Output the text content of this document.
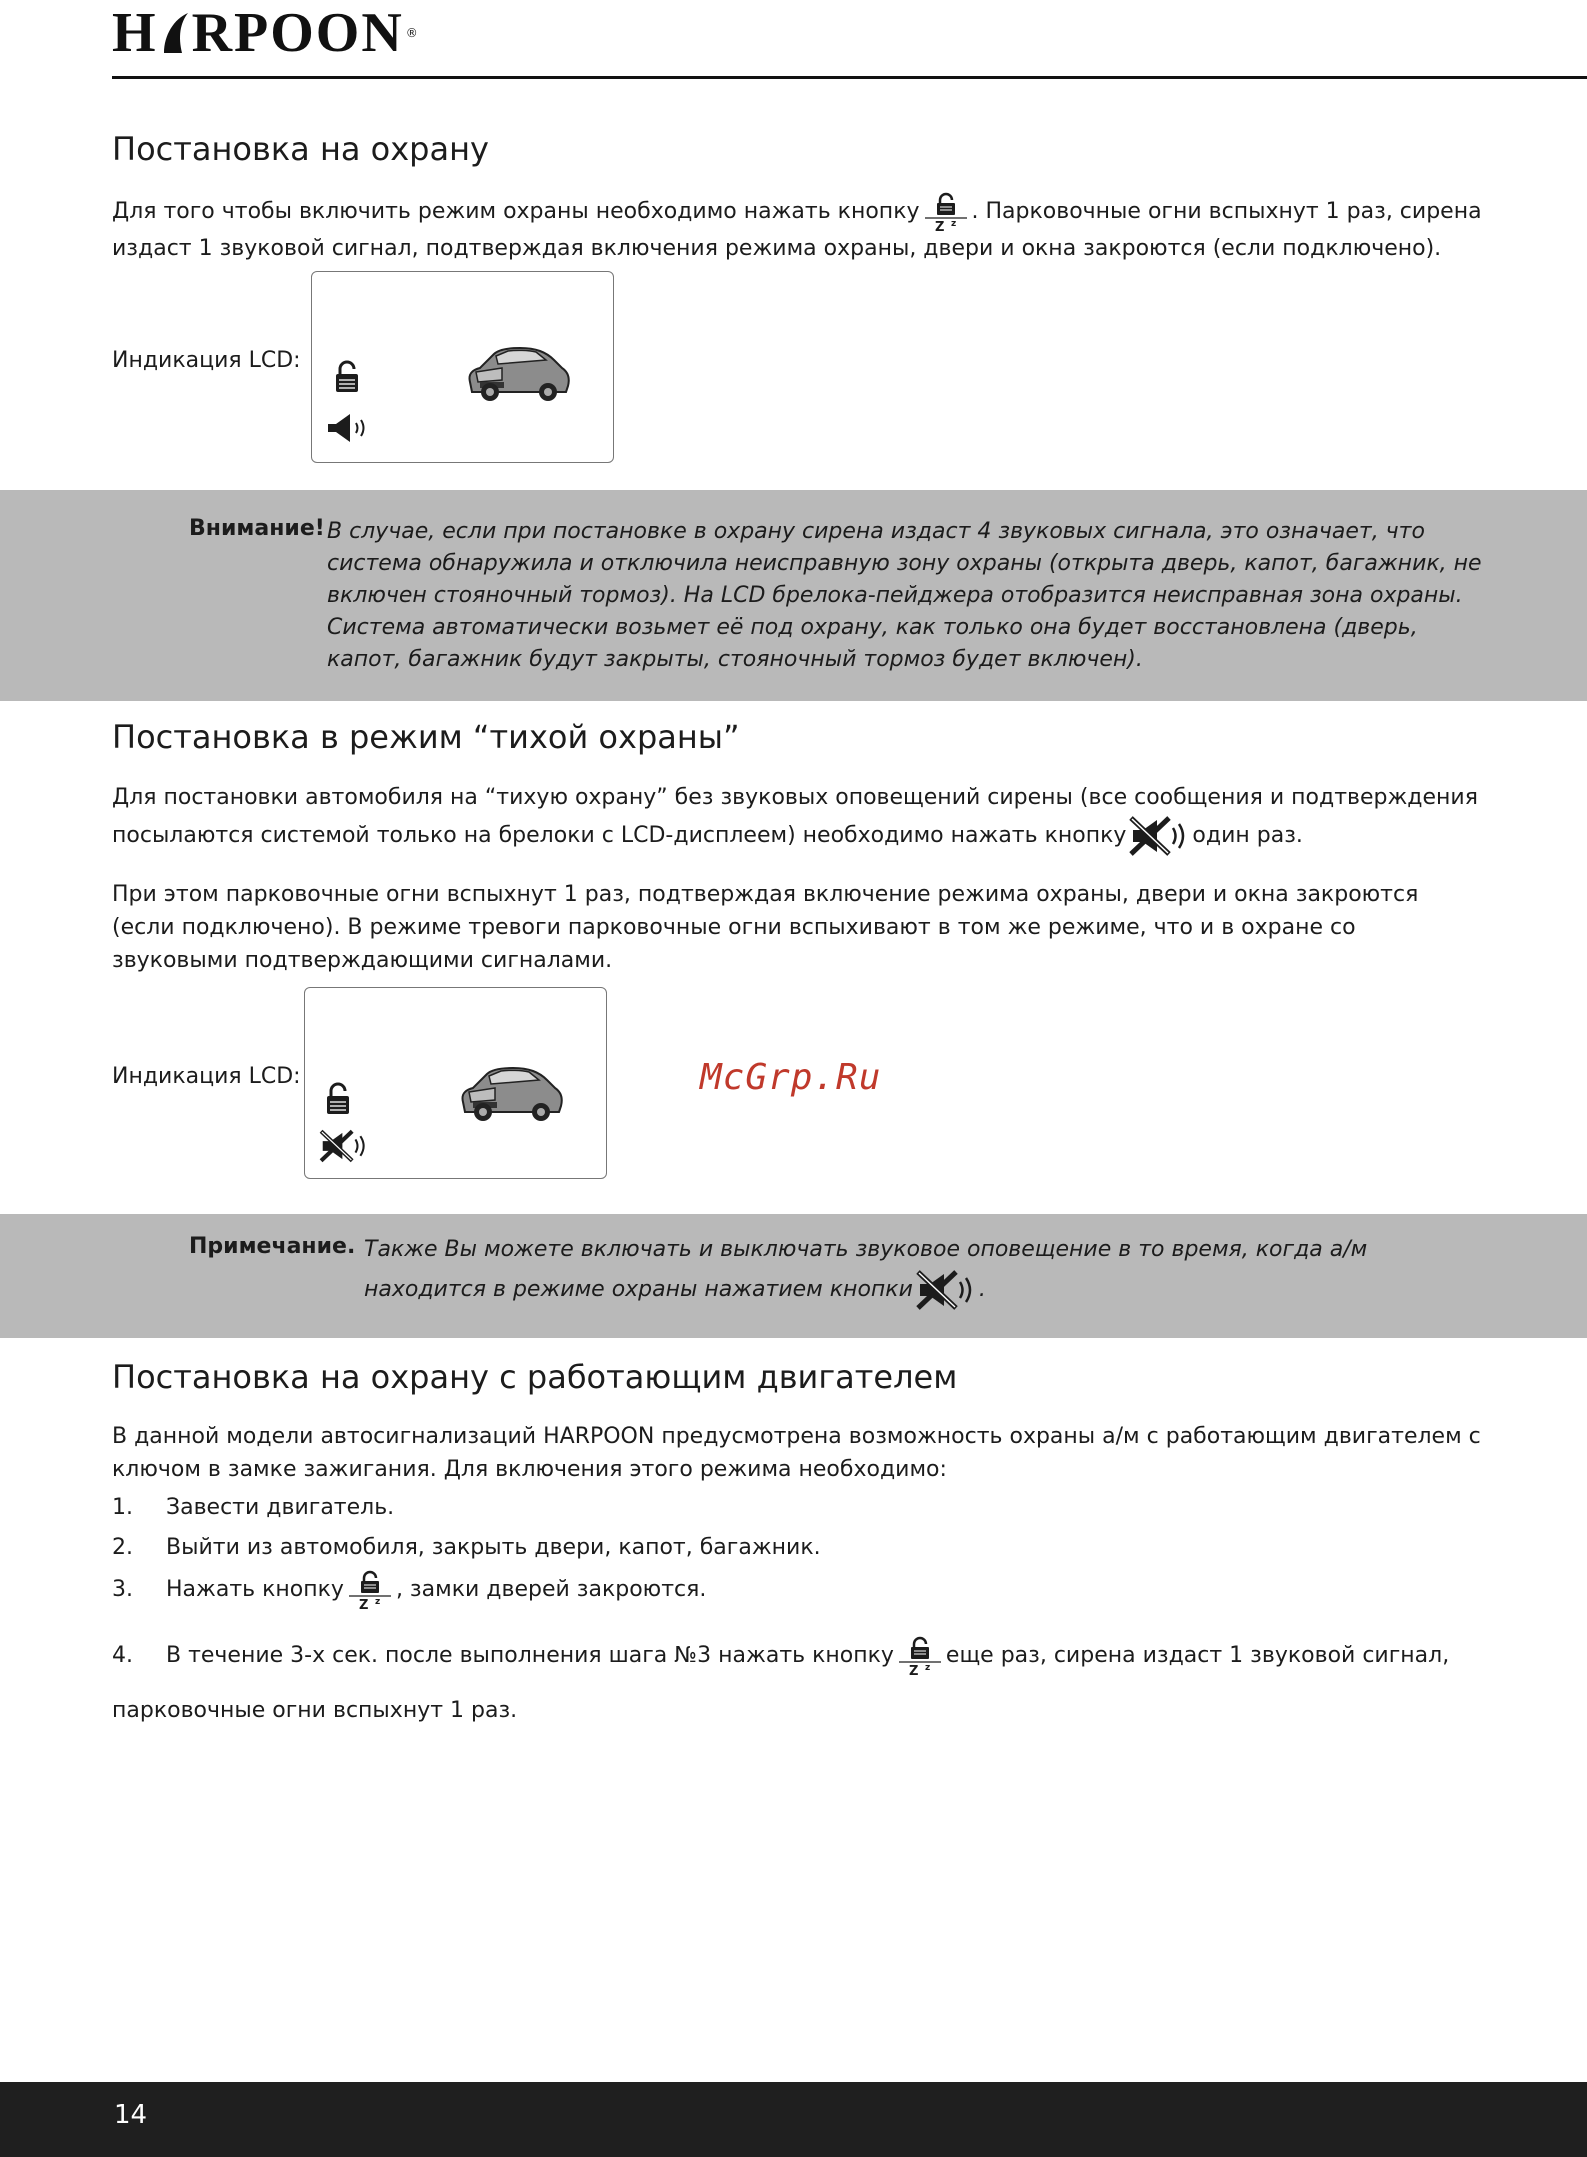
H RPOON ®
Постановка на охрану

Для того чтобы включить режим охраны необходимо нажать кнопку . Парковочные огни вспыхнут 1 раз, сирена
издаст 1 звуковой сигнал, подтверждая включения режима охраны, двери и окна закроются (если подключено).

Индикация LCD:
Внимание! В случае, если при постановке в охрану сирена издаст 4 звуковых сигнала, это означает, что
система обнаружила и отключила неисправную зону охраны (открыта дверь, капот, багажник, не
включен стояночный тормоз). На LCD брелока-пейджера отобразится неисправная зона охраны.
Система автоматически возьмет её под охрану, как только она будет восстановлена (дверь,
капот, багажник будут закрыты, стояночный тормоз будет включен).
Постановка в режим “тихой охраны”

Для постановки автомобиля на “тихую охрану” без звуковых оповещений сирены (все сообщения и подтверждения

посылаются системой только на брелоки с LCD-дисплеем) необходимо нажать кнопку	один раз.

При этом парковочные огни вспыхнут 1 раз, подтверждая включение режима охраны, двери и окна закроются (если подключено). В режиме тревоги парковочные огни вспыхивают в том же режиме, что и в охране со звуковыми подтверждающими сигналами.

Индикация LCD:	McGrp.Ru
Примечание. Также Вы можете включать и выключать звуковое оповещение в то время, когда а/м
находится в режиме охраны нажатием кнопки	.
Постановка на охрану с работающим двигателем

В данной модели автосигнализаций HARPOON предусмотрена возможность охраны а/м с работающим двигателем с ключом в замке зажигания. Для включения этого режима необходимо:

1. Завести двигатель.
2. Выйти из автомобиля, закрыть двери, капот, багажник.
3. Нажать кнопку , замки дверей закроются.
4. В течение 3-х сек. после выполнения шага №3 нажать кнопку еще раз, сирена издаст 1 звуковой сигнал,
парковочные огни вспыхнут 1 раз.
14
